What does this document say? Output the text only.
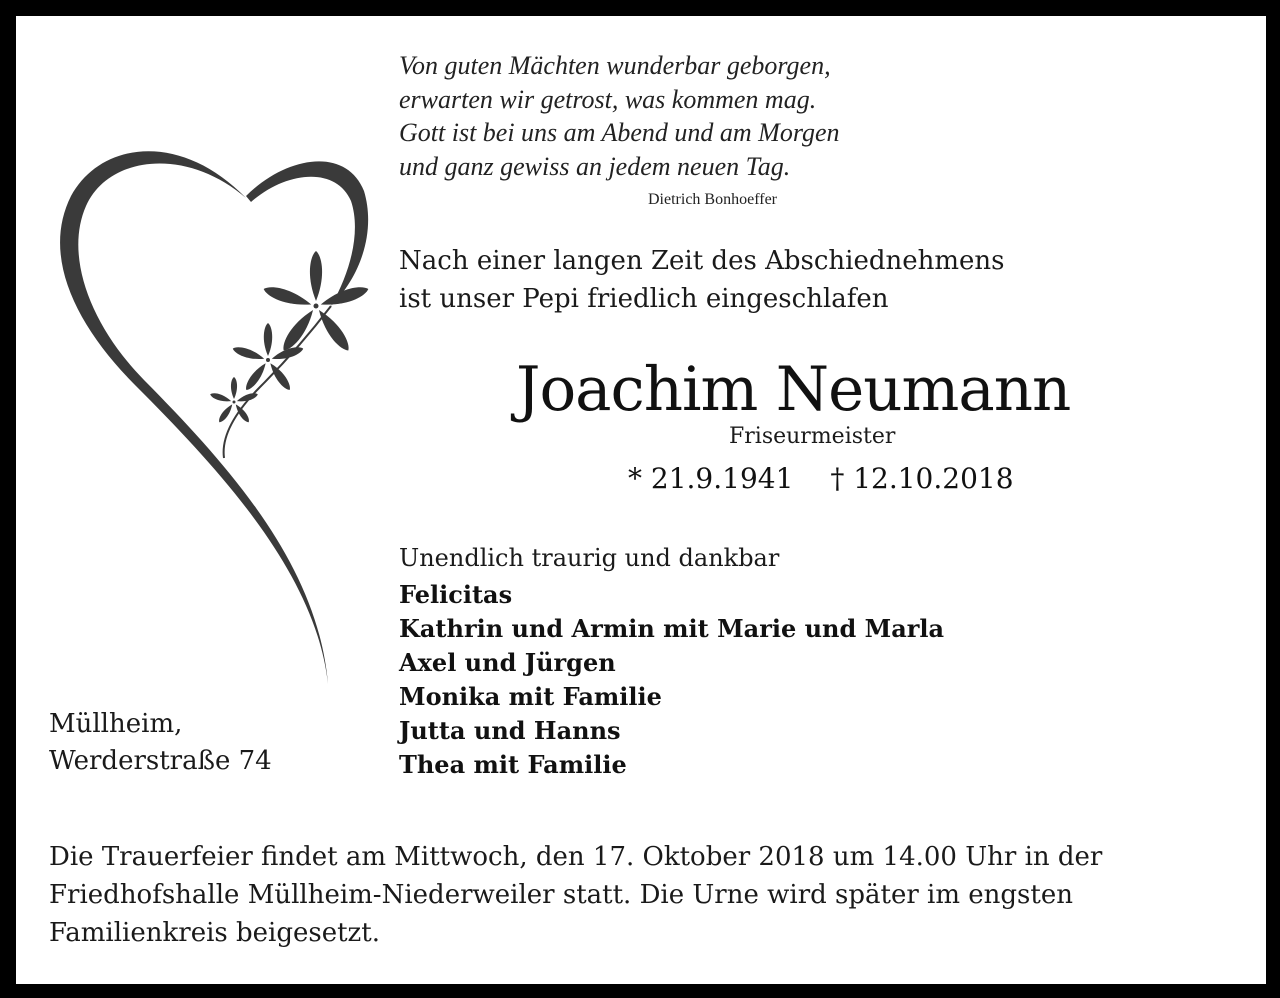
Von guten Mächten wunderbar geborgen,
erwarten wir getrost, was kommen mag.
Gott ist bei uns am Abend und am Morgen
und ganz gewiss an jedem neuen Tag.
Dietrich Bonhoeffer
Nach einer langen Zeit des Abschiednehmens
ist unser Pepi friedlich eingeschlafen
Joachim Neumann
Friseurmeister
* 21.9.1941 † 12.10.2018
Unendlich traurig und dankbar
Felicitas
Kathrin und Armin mit Marie und Marla
Axel und Jürgen
Monika mit Familie
Jutta und Hanns
Thea mit Familie
Müllheim,
Werderstraße 74
Die Trauerfeier findet am Mittwoch, den 17. Oktober 2018 um 14.00 Uhr in der
Friedhofshalle Müllheim-Niederweiler statt. Die Urne wird später im engsten
Familienkreis beigesetzt.
